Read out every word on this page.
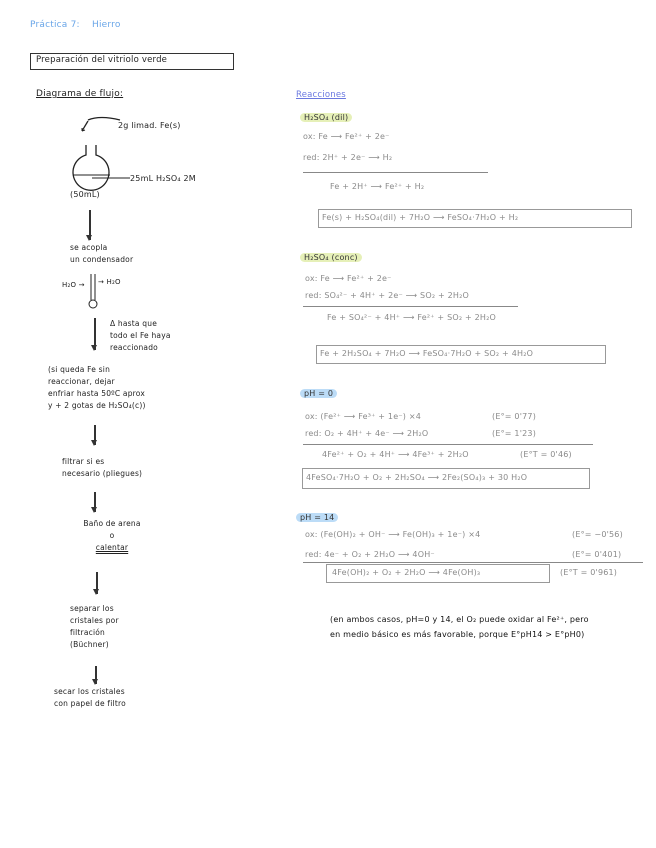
Práctica 7: Hierro
Preparación del vitriolo verde
Diagrama de flujo:
2g limad. Fe(s)
25mL H₂SO₄ 2M
(50mL)
se acopla
un condensador
H₂O → → H₂O
Δ hasta que
todo el Fe haya
reaccionado
(si queda Fe sin
reaccionar, dejar
enfriar hasta 50ºC aprox
y + 2 gotas de H₂SO₄(c))
filtrar si es
necesario (pliegues)
Baño de arena
o
calentar
separar los
cristales por
filtración
(Büchner)
secar los cristales
con papel de filtro
Reacciones
H₂SO₄ (dil)
ox: Fe ⟶ Fe²⁺ + 2e⁻
red: 2H⁺ + 2e⁻ ⟶ H₂
Fe + 2H⁺ ⟶ Fe²⁺ + H₂
Fe(s) + H₂SO₄(dil) + 7H₂O ⟶ FeSO₄·7H₂O + H₂
H₂SO₄ (conc)
ox: Fe ⟶ Fe²⁺ + 2e⁻
red: SO₄²⁻ + 4H⁺ + 2e⁻ ⟶ SO₂ + 2H₂O
Fe + SO₄²⁻ + 4H⁺ ⟶ Fe²⁺ + SO₂ + 2H₂O
Fe + 2H₂SO₄ + 7H₂O ⟶ FeSO₄·7H₂O + SO₂ + 4H₂O
pH = 0
ox: (Fe²⁺ ⟶ Fe³⁺ + 1e⁻) ×4	(E°= 0'77)
red: O₂ + 4H⁺ + 4e⁻ ⟶ 2H₂O	(E°= 1'23)
4Fe²⁺ + O₂ + 4H⁺ ⟶ 4Fe³⁺ + 2H₂O	(E°T = 0'46)
4FeSO₄·7H₂O + O₂ + 2H₂SO₄ ⟶ 2Fe₂(SO₄)₃ + 30 H₂O
pH = 14
ox: (Fe(OH)₂ + OH⁻ ⟶ Fe(OH)₃ + 1e⁻) ×4	(E°= −0'56)
red: 4e⁻ + O₂ + 2H₂O ⟶ 4OH⁻	(E°= 0'401)
4Fe(OH)₂ + O₂ + 2H₂O ⟶ 4Fe(OH)₃	(E°T = 0'961)
(en ambos casos, pH=0 y 14, el O₂ puede oxidar al Fe²⁺, pero en medio básico es más favorable, porque E°pH14 > E°pH0)
